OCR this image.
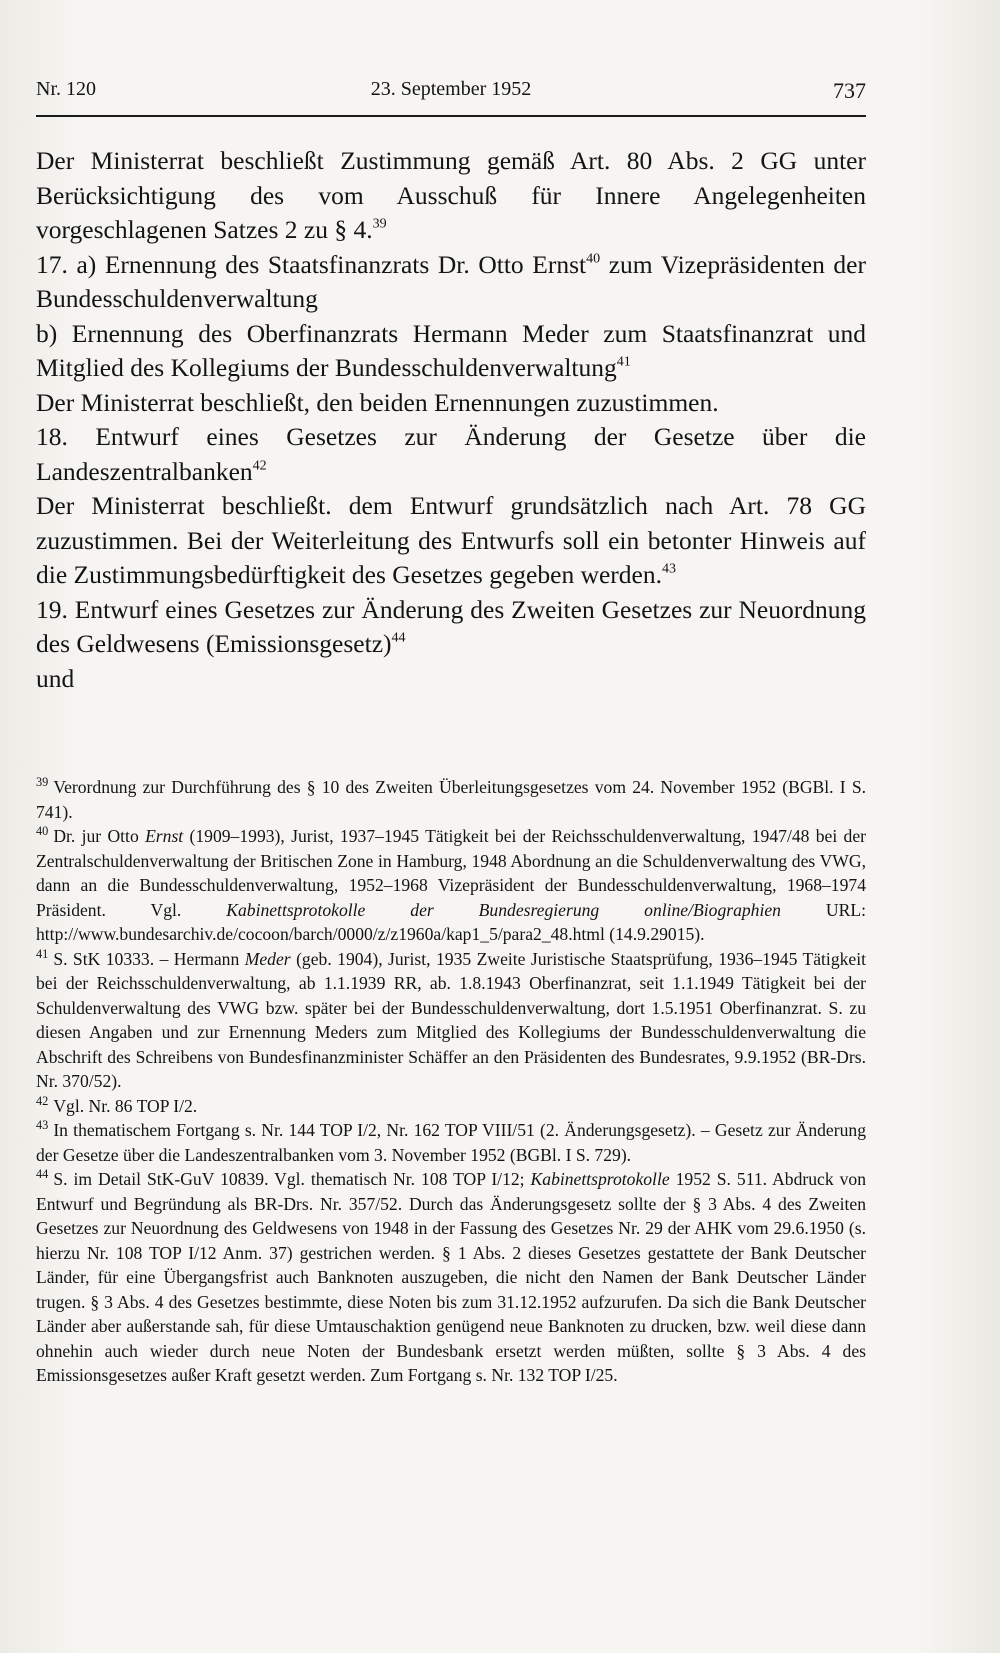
23. September 1952
Nr. 120	737

Der Ministerrat beschließt Zustimmung gemäß Art. 80 Abs. 2 GG unter Berücksichtigung des vom Ausschuß für Innere Angelegenheiten vorgeschlagenen Satzes 2 zu § 4.39

17. a) Ernennung des Staatsfinanzrats Dr. Otto Ernst$^{40}$ zum Vizepräsidenten der Bundesschuldenverwaltung

b) Ernennung des Oberfinanzrats Hermann Meder zum Staatsfinanzrat und Mitglied des Kollegiums der Bundesschuldenverwaltung$^{41}$

Der Ministerrat beschließt, den beiden Ernennungen zuzustimmen.

18. Entwurf eines Gesetzes zur Änderung der Gesetze über die Landeszentralbanken$^{42}$

Der Ministerrat beschließt. dem Entwurf grundsätzlich nach Art. 78 GG zuzustimmen. Bei der Weiterleitung des Entwurfs soll ein betonter Hinweis auf die Zustimmungsbedürftigkeit des Gesetzes gegeben werden.$^{43}$

19. Entwurf eines Gesetzes zur Änderung des Zweiten Gesetzes zur Neuordnung des Geldwesens (Emissionsgesetz)$^{44}$

und

$^{39}$ Verordnung zur Durchführung des § 10 des Zweiten Überleitungsgesetzes vom 24. November 1952 (BGBl. I S. 741).

$^{40}$ Dr. jur Otto Ernst (1909–1993), Jurist, 1937–1945 Tätigkeit bei der Reichsschuldenverwaltung, 1947/48 bei der Zentralschuldenverwaltung der Britischen Zone in Hamburg, 1948 Abordnung an die Schuldenverwaltung des VWG, dann an die Bundesschuldenverwaltung, 1952–1968 Vizepräsident der Bundesschuldenverwaltung, 1968–1974 Präsident. Vgl. Kabinettsprotokolle der Bundesregierung online/Biographien URL: http://www.bundesarchiv.de/cocoon/barch/0000/z/z1960a/kap1_5/para2_48.html (14.9.29015).

$^{41}$ S. StK 10333. – Hermann Meder (geb. 1904), Jurist, 1935 Zweite Juristische Staatsprüfung, 1936–1945 Tätigkeit bei der Reichsschuldenverwaltung, ab 1.1.1939 RR, ab. 1.8.1943 Oberfinanzrat, seit 1.1.1949 Tätigkeit bei der Schuldenverwaltung des VWG bzw. später bei der Bundesschuldenverwaltung, dort 1.5.1951 Oberfinanzrat. S. zu diesen Angaben und zur Ernennung Meders zum Mitglied des Kollegiums der Bundesschuldenverwaltung die Abschrift des Schreibens von Bundesfinanzminister Schäffer an den Präsidenten des Bundesrates, 9.9.1952 (BR-Drs. Nr. 370/52).

$^{42}$ Vgl. Nr. 86 TOP I/2.

$^{43}$ In thematischem Fortgang s. Nr. 144 TOP I/2, Nr. 162 TOP VIII/51 (2. Änderungsgesetz). – Gesetz zur Änderung der Gesetze über die Landeszentralbanken vom 3. November 1952 (BGBl. I S. 729).

$^{44}$ S. im Detail StK-GuV 10839. Vgl. thematisch Nr. 108 TOP I/12; Kabinettsprotokolle 1952 S. 511. Abdruck von Entwurf und Begründung als BR-Drs. Nr. 357/52. Durch das Änderungsgesetz sollte der § 3 Abs. 4 des Zweiten Gesetzes zur Neuordnung des Geldwesens von 1948 in der Fassung des Gesetzes Nr. 29 der AHK vom 29.6.1950 (s. hierzu Nr. 108 TOP I/12 Anm. 37) gestrichen werden. § 1 Abs. 2 dieses Gesetzes gestattete der Bank Deutscher Länder, für eine Übergangsfrist auch Banknoten auszugeben, die nicht den Namen der Bank Deutscher Länder trugen. § 3 Abs. 4 des Gesetzes bestimmte, diese Noten bis zum 31.12.1952 aufzurufen. Da sich die Bank Deutscher Länder aber außerstande sah, für diese Umtauschaktion genügend neue Banknoten zu drucken, bzw. weil diese dann ohnehin auch wieder durch neue Noten der Bundesbank ersetzt werden müßten, sollte § 3 Abs. 4 des Emissionsgesetzes außer Kraft gesetzt werden. Zum Fortgang s. Nr. 132 TOP I/25.
